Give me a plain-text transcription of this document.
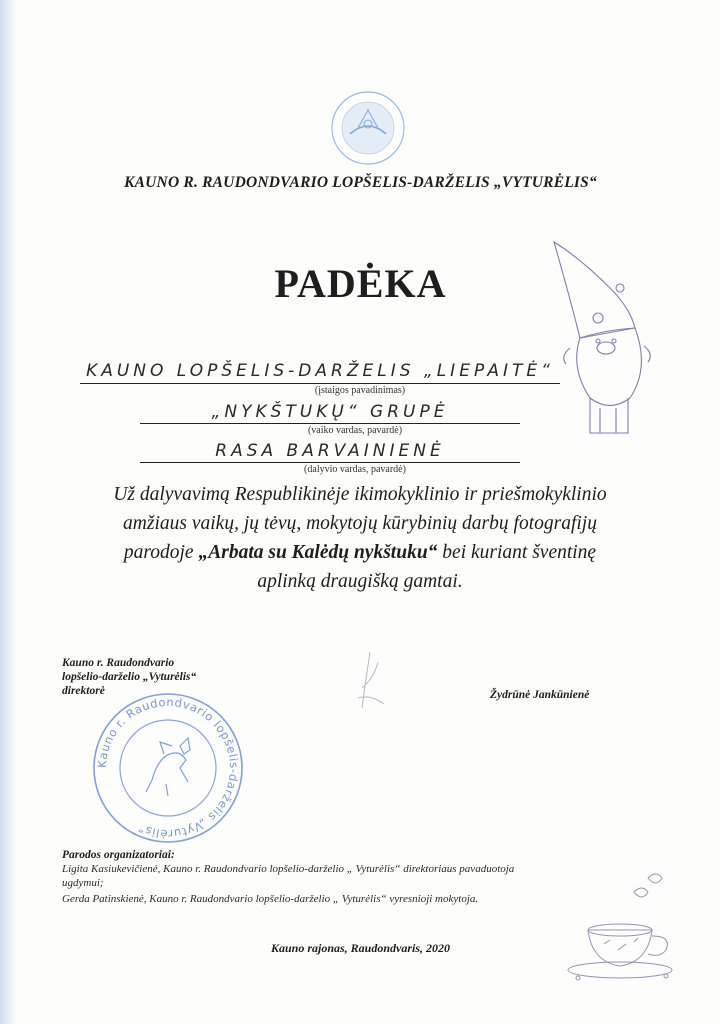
KAUNO R. RAUDONDVARIO LOPŠELIS-DARŽELIS „VYTURĖLIS“
PADĖKA
KAUNO LOPŠELIS-DARŽELIS „LIEPAITĖ“
(įstaigos pavadinimas)
„NYKŠTUKŲ“ GRUPĖ
(vaiko vardas, pavardė)
RASA BARVAINIENĖ
(dalyvio vardas, pavardė)
Už dalyvavimą Respublikinėje ikimokyklinio ir priešmokyklinio
amžiaus vaikų, jų tėvų, mokytojų kūrybinių darbų fotografijų
parodoje „Arbata su Kalėdų nykštuku“ bei kuriant šventinę
aplinką draugišką gamtai.
Kauno r. Raudondvario
lopšelio-darželio „Vyturėlis“
direktorė	Žydrūnė Jankūnienė
Kauno r. Raudondvario lopšelis-darželis „Vyturėlis“
Parodos organizatoriai:
Ligita Kasiukevičienė, Kauno r. Raudondvario lopšelio-darželio „ Vyturėlis“ direktoriaus pavaduotoja
ugdymui;
Gerda Patinskienė, Kauno r. Raudondvario lopšelio-darželio „ Vyturėlis“ vyresnioji mokytoja.
Kauno rajonas, Raudondvaris, 2020
